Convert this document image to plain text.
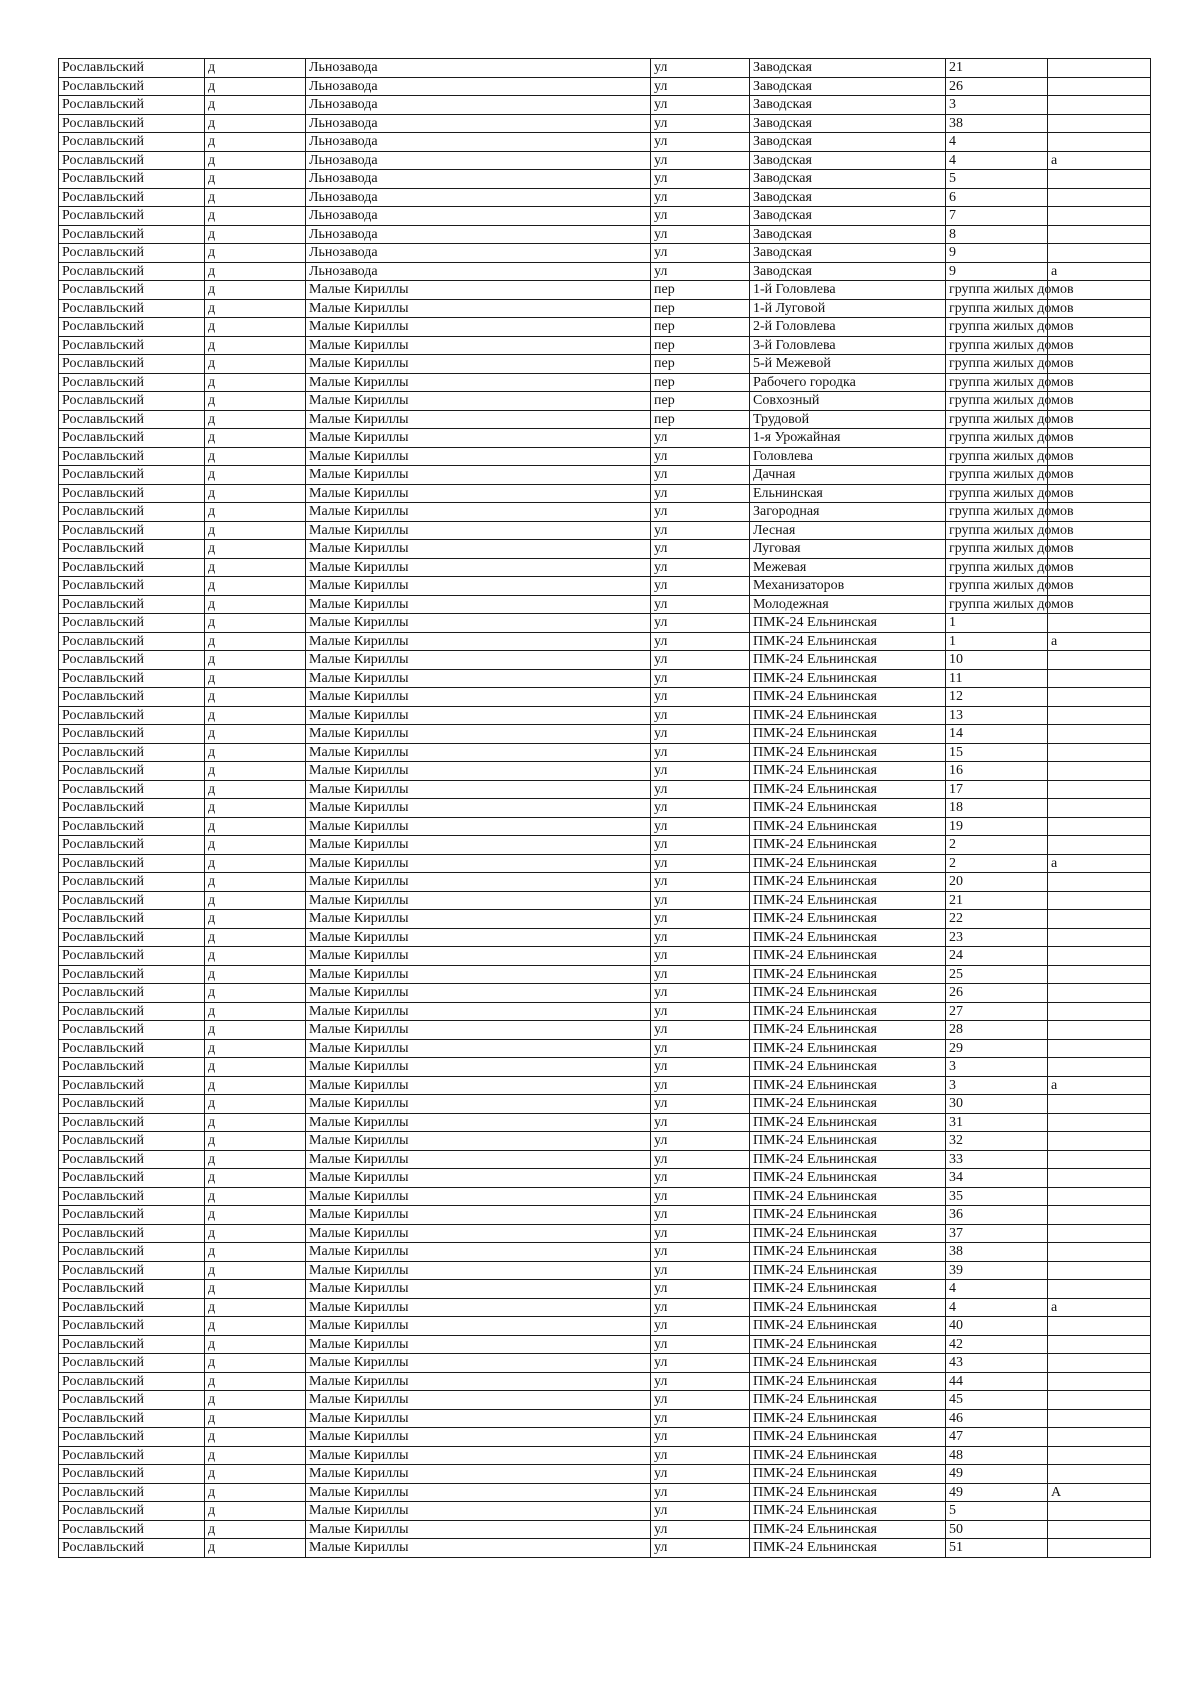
Рославльский	д	Льнозавода	ул	Заводская	21	
Рославльский	д	Льнозавода	ул	Заводская	26	
Рославльский	д	Льнозавода	ул	Заводская	3	
Рославльский	д	Льнозавода	ул	Заводская	38	
Рославльский	д	Льнозавода	ул	Заводская	4	
Рославльский	д	Льнозавода	ул	Заводская	4	а
Рославльский	д	Льнозавода	ул	Заводская	5	
Рославльский	д	Льнозавода	ул	Заводская	6	
Рославльский	д	Льнозавода	ул	Заводская	7	
Рославльский	д	Льнозавода	ул	Заводская	8	
Рославльский	д	Льнозавода	ул	Заводская	9	
Рославльский	д	Льнозавода	ул	Заводская	9	а
Рославльский	д	Малые Кириллы	пер	1-й Головлева	группа жилых домов	
Рославльский	д	Малые Кириллы	пер	1-й Луговой	группа жилых домов	
Рославльский	д	Малые Кириллы	пер	2-й Головлева	группа жилых домов	
Рославльский	д	Малые Кириллы	пер	3-й Головлева	группа жилых домов	
Рославльский	д	Малые Кириллы	пер	5-й Межевой	группа жилых домов	
Рославльский	д	Малые Кириллы	пер	Рабочего городка	группа жилых домов	
Рославльский	д	Малые Кириллы	пер	Совхозный	группа жилых домов	
Рославльский	д	Малые Кириллы	пер	Трудовой	группа жилых домов	
Рославльский	д	Малые Кириллы	ул	1-я Урожайная	группа жилых домов	
Рославльский	д	Малые Кириллы	ул	Головлева	группа жилых домов	
Рославльский	д	Малые Кириллы	ул	Дачная	группа жилых домов	
Рославльский	д	Малые Кириллы	ул	Ельнинская	группа жилых домов	
Рославльский	д	Малые Кириллы	ул	Загородная	группа жилых домов	
Рославльский	д	Малые Кириллы	ул	Лесная	группа жилых домов	
Рославльский	д	Малые Кириллы	ул	Луговая	группа жилых домов	
Рославльский	д	Малые Кириллы	ул	Межевая	группа жилых домов	
Рославльский	д	Малые Кириллы	ул	Механизаторов	группа жилых домов	
Рославльский	д	Малые Кириллы	ул	Молодежная	группа жилых домов	
Рославльский	д	Малые Кириллы	ул	ПМК-24 Ельнинская	1	
Рославльский	д	Малые Кириллы	ул	ПМК-24 Ельнинская	1	а
Рославльский	д	Малые Кириллы	ул	ПМК-24 Ельнинская	10	
Рославльский	д	Малые Кириллы	ул	ПМК-24 Ельнинская	11	
Рославльский	д	Малые Кириллы	ул	ПМК-24 Ельнинская	12	
Рославльский	д	Малые Кириллы	ул	ПМК-24 Ельнинская	13	
Рославльский	д	Малые Кириллы	ул	ПМК-24 Ельнинская	14	
Рославльский	д	Малые Кириллы	ул	ПМК-24 Ельнинская	15	
Рославльский	д	Малые Кириллы	ул	ПМК-24 Ельнинская	16	
Рославльский	д	Малые Кириллы	ул	ПМК-24 Ельнинская	17	
Рославльский	д	Малые Кириллы	ул	ПМК-24 Ельнинская	18	
Рославльский	д	Малые Кириллы	ул	ПМК-24 Ельнинская	19	
Рославльский	д	Малые Кириллы	ул	ПМК-24 Ельнинская	2	
Рославльский	д	Малые Кириллы	ул	ПМК-24 Ельнинская	2	а
Рославльский	д	Малые Кириллы	ул	ПМК-24 Ельнинская	20	
Рославльский	д	Малые Кириллы	ул	ПМК-24 Ельнинская	21	
Рославльский	д	Малые Кириллы	ул	ПМК-24 Ельнинская	22	
Рославльский	д	Малые Кириллы	ул	ПМК-24 Ельнинская	23	
Рославльский	д	Малые Кириллы	ул	ПМК-24 Ельнинская	24	
Рославльский	д	Малые Кириллы	ул	ПМК-24 Ельнинская	25	
Рославльский	д	Малые Кириллы	ул	ПМК-24 Ельнинская	26	
Рославльский	д	Малые Кириллы	ул	ПМК-24 Ельнинская	27	
Рославльский	д	Малые Кириллы	ул	ПМК-24 Ельнинская	28	
Рославльский	д	Малые Кириллы	ул	ПМК-24 Ельнинская	29	
Рославльский	д	Малые Кириллы	ул	ПМК-24 Ельнинская	3	
Рославльский	д	Малые Кириллы	ул	ПМК-24 Ельнинская	3	а
Рославльский	д	Малые Кириллы	ул	ПМК-24 Ельнинская	30	
Рославльский	д	Малые Кириллы	ул	ПМК-24 Ельнинская	31	
Рославльский	д	Малые Кириллы	ул	ПМК-24 Ельнинская	32	
Рославльский	д	Малые Кириллы	ул	ПМК-24 Ельнинская	33	
Рославльский	д	Малые Кириллы	ул	ПМК-24 Ельнинская	34	
Рославльский	д	Малые Кириллы	ул	ПМК-24 Ельнинская	35	
Рославльский	д	Малые Кириллы	ул	ПМК-24 Ельнинская	36	
Рославльский	д	Малые Кириллы	ул	ПМК-24 Ельнинская	37	
Рославльский	д	Малые Кириллы	ул	ПМК-24 Ельнинская	38	
Рославльский	д	Малые Кириллы	ул	ПМК-24 Ельнинская	39	
Рославльский	д	Малые Кириллы	ул	ПМК-24 Ельнинская	4	
Рославльский	д	Малые Кириллы	ул	ПМК-24 Ельнинская	4	а
Рославльский	д	Малые Кириллы	ул	ПМК-24 Ельнинская	40	
Рославльский	д	Малые Кириллы	ул	ПМК-24 Ельнинская	42	
Рославльский	д	Малые Кириллы	ул	ПМК-24 Ельнинская	43	
Рославльский	д	Малые Кириллы	ул	ПМК-24 Ельнинская	44	
Рославльский	д	Малые Кириллы	ул	ПМК-24 Ельнинская	45	
Рославльский	д	Малые Кириллы	ул	ПМК-24 Ельнинская	46	
Рославльский	д	Малые Кириллы	ул	ПМК-24 Ельнинская	47	
Рославльский	д	Малые Кириллы	ул	ПМК-24 Ельнинская	48	
Рославльский	д	Малые Кириллы	ул	ПМК-24 Ельнинская	49	
Рославльский	д	Малые Кириллы	ул	ПМК-24 Ельнинская	49	А
Рославльский	д	Малые Кириллы	ул	ПМК-24 Ельнинская	5	
Рославльский	д	Малые Кириллы	ул	ПМК-24 Ельнинская	50	
Рославльский	д	Малые Кириллы	ул	ПМК-24 Ельнинская	51	
